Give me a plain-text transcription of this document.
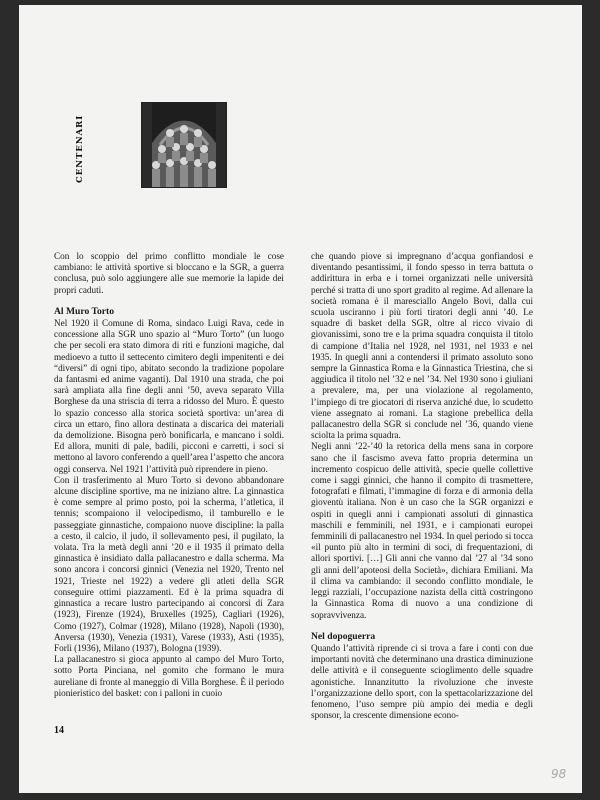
CENTENARI

Con lo scoppio del primo conflitto mondiale le cose cambiano: le attività sportive si bloccano e la SGR, a guerra conclusa, può solo aggiungere alle sue memorie la lapide dei propri caduti.

Al Muro Torto

Nel 1920 il Comune di Roma, sindaco Luigi Rava, cede in concessione alla SGR uno spazio al “Muro Torto” (un luogo che per secoli era stato dimora di riti e funzioni magiche, dal medioevo a tutto il settecento cimitero degli impenitenti e dei “diversi” di ogni tipo, abitato secondo la tradizione popolare da fantasmi ed anime vaganti). Dal 1910 una strada, che poi sarà ampliata alla fine degli anni ’50, aveva separato Villa Borghese da una striscia di terra a ridosso del Muro. È questo lo spazio concesso alla storica società sportiva: un’area di circa un ettaro, fino allora destinata a discarica dei materiali da demolizione. Bisogna però bonificarla, e mancano i soldi. Ed allora, muniti di pale, badili, picconi e carretti, i soci si mettono al lavoro conferendo a quell’area l’aspetto che ancora oggi conserva. Nel 1921 l’attività può riprendere in pieno.

Con il trasferimento al Muro Torto si devono abbandonare alcune discipline sportive, ma ne iniziano altre. La ginnastica è come sempre al primo posto, poi la scherma, l’atletica, il tennis; scompaiono il velocipedismo, il tamburello e le passeggiate ginnastiche, compaiono nuove discipline: la palla a cesto, il calcio, il judo, il sollevamento pesi, il pugilato, la volata. Tra la metà degli anni ’20 e il 1935 il primato della ginnastica è insidiato dalla pallacanestro e dalla scherma. Ma sono ancora i concorsi ginnici (Venezia nel 1920, Trento nel 1921, Trieste nel 1922) a vedere gli atleti della SGR conseguire ottimi piazzamenti. Ed è la prima squadra di ginnastica a recare lustro partecipando ai concorsi di Zara (1923), Firenze (1924), Bruxelles (1925), Cagliari (1926), Como (1927), Colmar (1928), Milano (1928), Napoli (1930), Anversa (1930), Venezia (1931), Varese (1933), Asti (1935), Forlì (1936), Milano (1937), Bologna (1939).

La pallacanestro si gioca appunto al campo del Muro Torto, sotto Porta Pinciana, nel gomito che formano le mura aureliane di fronte al maneggio di Villa Borghese. È il periodo pionieristico del basket: con i palloni in cuoio

che quando piove si impregnano d’acqua gonfiandosi e diventando pesantissimi, il fondo spesso in terra battuta o addirittura in erba e i tornei organizzati nelle università perché si tratta di uno sport gradito al regime. Ad allenare la società romana è il maresciallo Angelo Bovi, dalla cui scuola usciranno i più forti tiratori degli anni ’40. Le squadre di basket della SGR, oltre al ricco vivaio di giovanissimi, sono tre e la prima squadra conquista il titolo di campione d’Italia nel 1928, nel 1931, nel 1933 e nel 1935. In quegli anni a contendersi il primato assoluto sono sempre la Ginnastica Roma e la Ginnastica Triestina, che si aggiudica il titolo nel ’32 e nel ’34. Nel 1930 sono i giuliani a prevalere, ma, per una violazione al regolamento, l’impiego di tre giocatori di riserva anziché due, lo scudetto viene assegnato ai romani. La stagione prebellica della pallacanestro della SGR si conclude nel ’36, quando viene sciolta la prima squadra.

Negli anni ’22-’40 la retorica della mens sana in corpore sano che il fascismo aveva fatto propria determina un incremento cospicuo delle attività, specie quelle collettive come i saggi ginnici, che hanno il compito di trasmettere, fotografati e filmati, l’immagine di forza e di armonia della gioventù italiana. Non è un caso che la SGR organizzi e ospiti in quegli anni i campionati assoluti di ginnastica maschili e femminili, nel 1931, e i campionati europei femminili di pallacanestro nel 1934. In quel periodo si tocca «il punto più alto in termini di soci, di frequentazioni, di allori sportivi. […] Gli anni che vanno dal ’27 al ’34 sono gli anni dell’apoteosi della Società», dichiara Emiliani. Ma il clima va cambiando: il secondo conflitto mondiale, le leggi razziali, l’occupazione nazista della città costringono la Ginnastica Roma di nuovo a una condizione di sopravvivenza.

Nel dopoguerra

Quando l’attività riprende ci si trova a fare i conti con due importanti novità che determinano una drastica diminuzione delle attività e il conseguente scioglimento delle squadre agonistiche. Innanzitutto la rivoluzione che investe l’organizzazione dello sport, con la spettacolarizzazione del fenomeno, l’uso sempre più ampio dei media e degli sponsor, la crescente dimensione econo-

14
98
